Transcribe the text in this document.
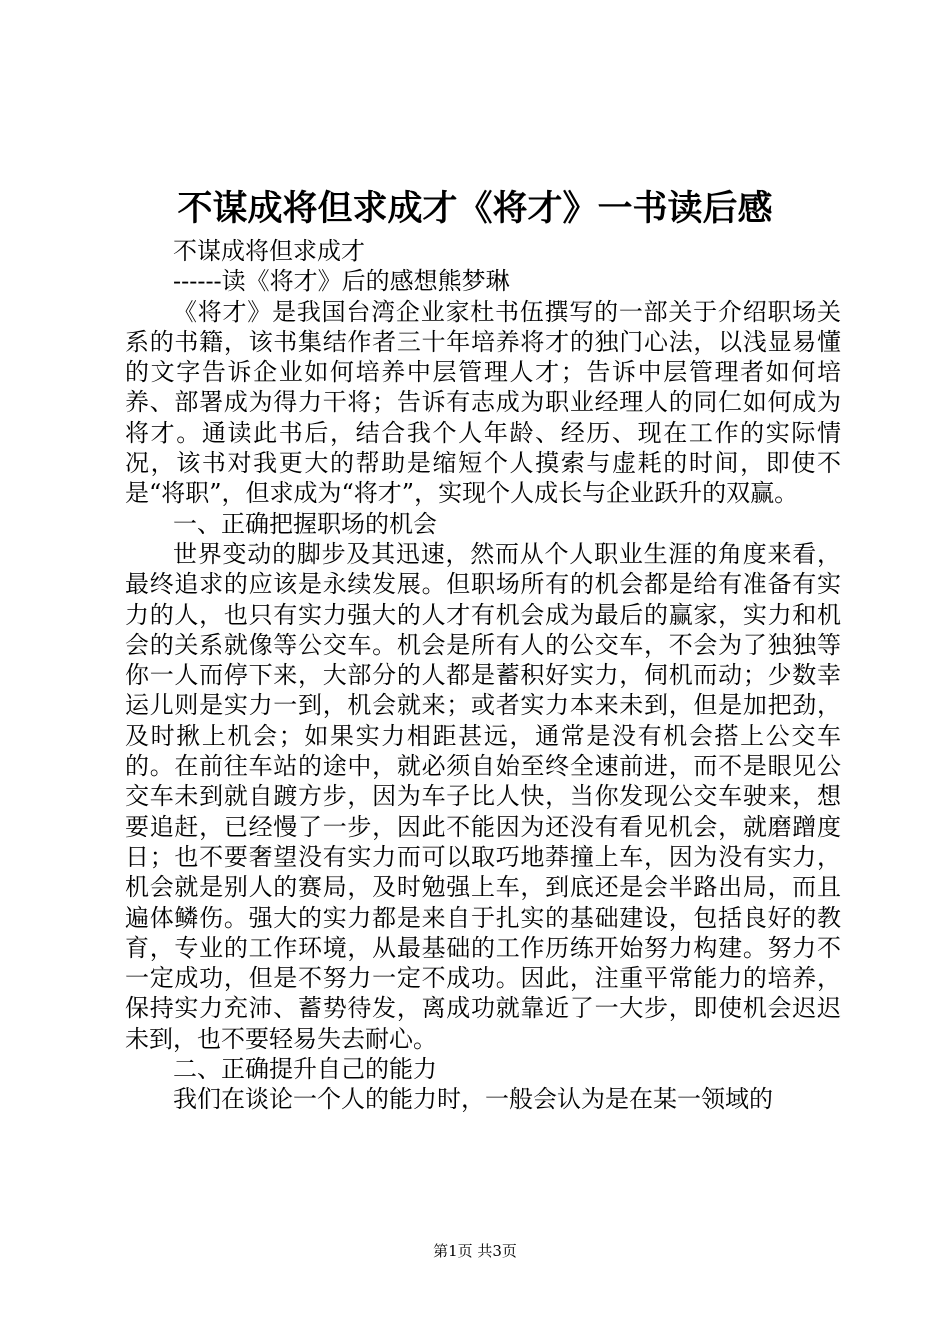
不谋成将但求成才《将才》一书读后感

不谋成将但求成才

------读《将才》后的感想熊梦琳

《将才》是我国台湾企业家杜书伍撰写的一部关于介绍职场关系的书籍，该书集结作者三十年培养将才的独门心法，以浅显易懂的文字告诉企业如何培养中层管理人才；告诉中层管理者如何培养、部署成为得力干将；告诉有志成为职业经理人的同仁如何成为将才。通读此书后，结合我个人年龄、经历、现在工作的实际情况，该书对我更大的帮助是缩短个人摸索与虚耗的时间，即使不是“将职”，但求成为“将才”，实现个人成长与企业跃升的双赢。

一、正确把握职场的机会

世界变动的脚步及其迅速，然而从个人职业生涯的角度来看，最终追求的应该是永续发展。但职场所有的机会都是给有准备有实力的人，也只有实力强大的人才有机会成为最后的赢家，实力和机会的关系就像等公交车。机会是所有人的公交车，不会为了独独等你一人而停下来，大部分的人都是蓄积好实力，伺机而动；少数幸运儿则是实力一到，机会就来；或者实力本来未到，但是加把劲，及时揪上机会；如果实力相距甚远，通常是没有机会搭上公交车的。在前往车站的途中，就必须自始至终全速前进，而不是眼见公交车未到就自踱方步，因为车子比人快，当你发现公交车驶来，想要追赶，已经慢了一步，因此不能因为还没有看见机会，就磨蹭度日；也不要奢望没有实力而可以取巧地莽撞上车，因为没有实力，机会就是别人的赛局，及时勉强上车，到底还是会半路出局，而且遍体鳞伤。强大的实力都是来自于扎实的基础建设，包括良好的教育，专业的工作环境，从最基础的工作历练开始努力构建。努力不一定成功，但是不努力一定不成功。因此，注重平常能力的培养，保持实力充沛、蓄势待发，离成功就靠近了一大步，即使机会迟迟未到，也不要轻易失去耐心。

二、正确提升自己的能力

我们在谈论一个人的能力时，一般会认为是在某一领域的

第1页 共3页
